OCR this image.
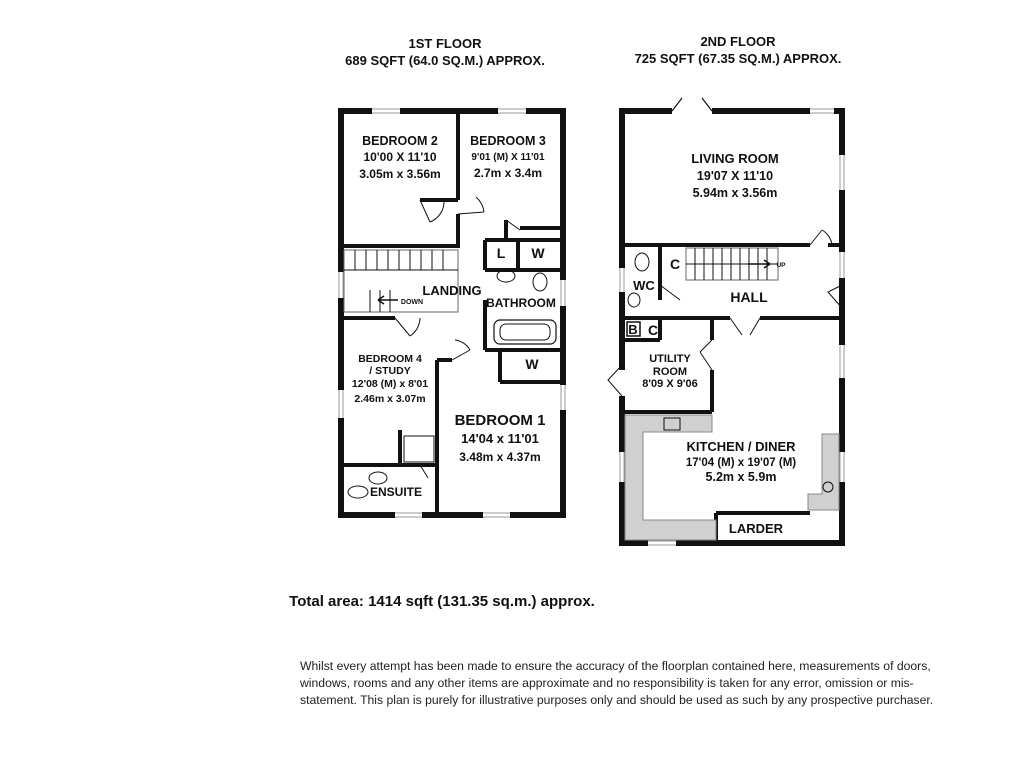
1ST FLOOR
689 SQFT (64.0 SQ.M.) APPROX.
2ND FLOOR
725 SQFT (67.35 SQ.M.) APPROX.
BEDROOM 2
10'00 X 11'10
3.05m x 3.56m
BEDROOM 3
9'01 (M) X 11'01
2.7m x 3.4m
L W
LANDING
DOWN	BATHROOM
W
BEDROOM 4
/ STUDY
12'08 (M) x 8'01
2.46m x 3.07m
BEDROOM 1
14'04 x 11'01
3.48m x 4.37m
ENSUITE
LIVING ROOM
19'07 X 11'10
5.94m x 3.56m
C	UP
WC
HALL
B C
UTILITY
ROOM
8'09 X 9'06
KITCHEN / DINER
17'04 (M) x 19'07 (M)
5.2m x 5.9m
LARDER
Total area: 1414 sqft (131.35 sq.m.) approx.

Whilst every attempt has been made to ensure the accuracy of the floorplan contained here, measurements of doors, windows, rooms and any other items are approximate and no responsibility is taken for any error, omission or mis-statement. This plan is purely for illustrative purposes only and should be used as such by any prospective purchaser.
